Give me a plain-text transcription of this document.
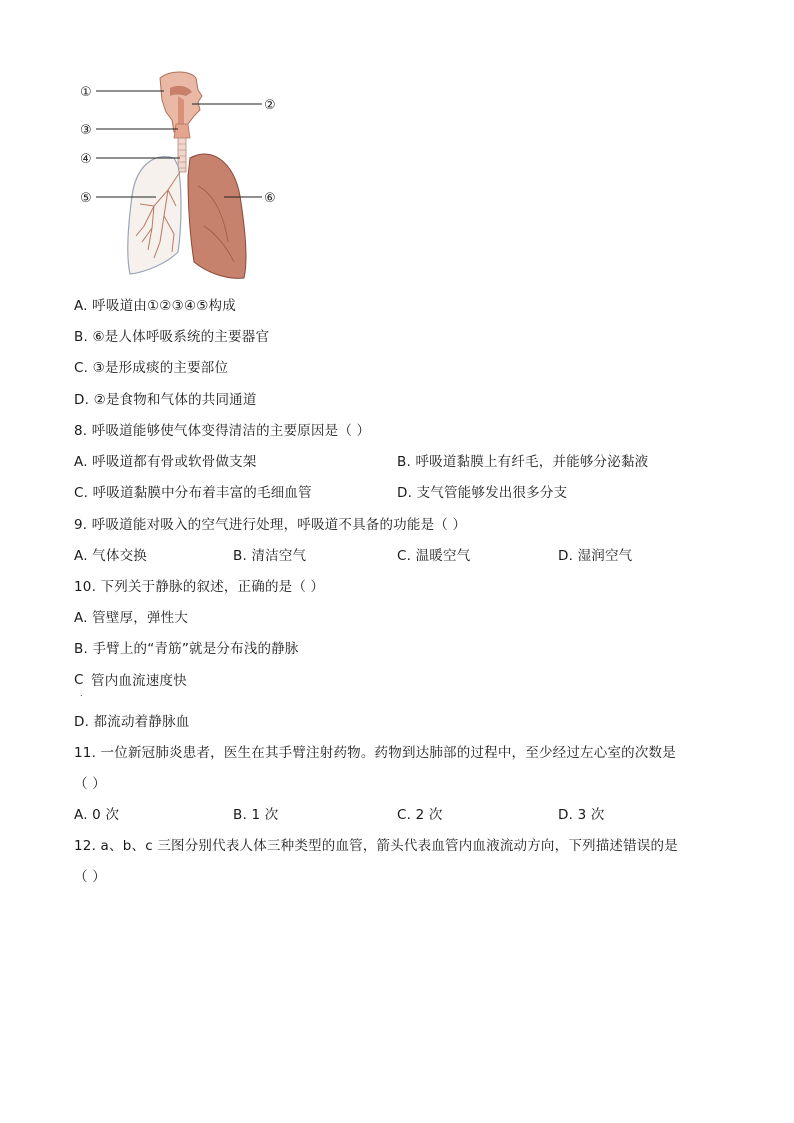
①
②
③
④
⑤	⑥
A. 呼吸道由①②③④⑤构成
B. ⑥是人体呼吸系统的主要器官
C. ③是形成痰的主要部位
D. ②是食物和气体的共同通道
8. 呼吸道能够使气体变得清洁的主要原因是（ ）
A. 呼吸道都有骨或软骨做支架	B. 呼吸道黏膜上有纤毛，并能够分泌黏液
C. 呼吸道黏膜中分布着丰富的毛细血管	D. 支气管能够发出很多分支
9. 呼吸道能对吸入的空气进行处理，呼吸道不具备的功能是（ ）
A. 气体交换	B. 清洁空气	C. 温暖空气	D. 湿润空气
10. 下列关于静脉的叙述，正确的是（ ）
A. 管壁厚，弹性大
B. 手臂上的“青筋”就是分布浅的静脉
C 管内血流速度快
.
D. 都流动着静脉血
11. 一位新冠肺炎患者，医生在其手臂注射药物。药物到达肺部的过程中，至少经过左心室的次数是
（ ）
A. 0 次	B. 1 次	C. 2 次	D. 3 次
12. a、b、c 三图分别代表人体三种类型的血管，箭头代表血管内血液流动方向，下列描述错误的是
（ ）
